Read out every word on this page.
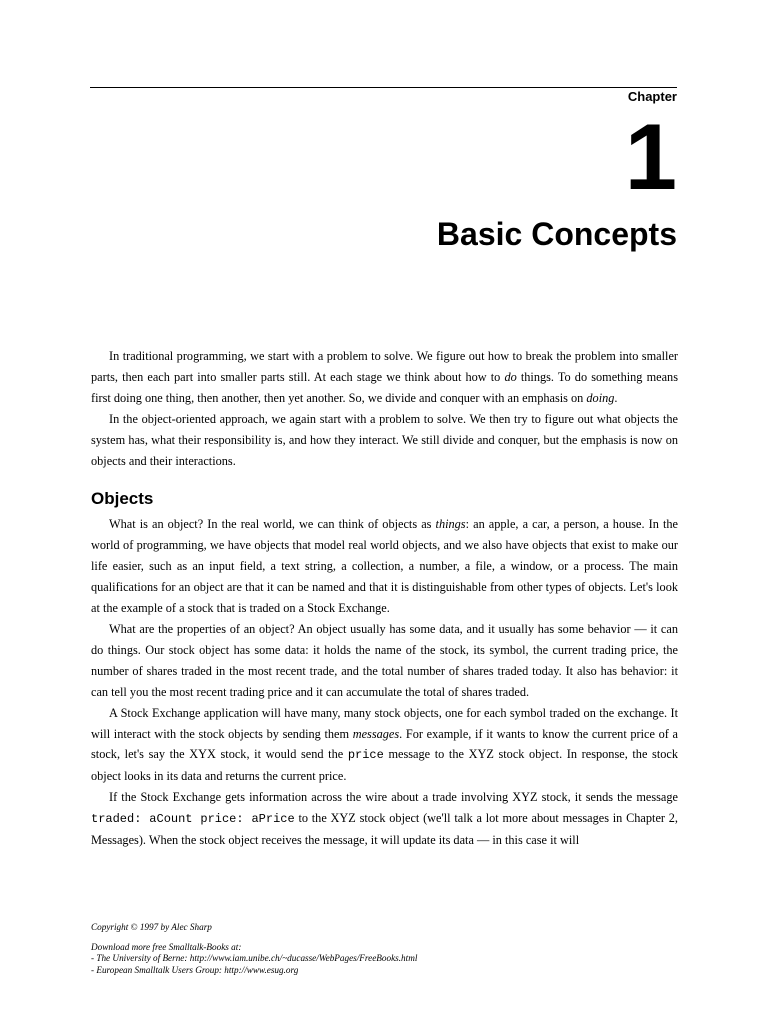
Chapter
1
Basic Concepts

In traditional programming, we start with a problem to solve. We figure out how to break the problem into smaller parts, then each part into smaller parts still. At each stage we think about how to do things. To do something means first doing one thing, then another, then yet another. So, we divide and conquer with an emphasis on doing.

In the object-oriented approach, we again start with a problem to solve. We then try to figure out what objects the system has, what their responsibility is, and how they interact. We still divide and conquer, but the emphasis is now on objects and their interactions.

Objects

What is an object? In the real world, we can think of objects as things: an apple, a car, a person, a house. In the world of programming, we have objects that model real world objects, and we also have objects that exist to make our life easier, such as an input field, a text string, a collection, a number, a file, a window, or a process. The main qualifications for an object are that it can be named and that it is distinguishable from other types of objects. Let's look at the example of a stock that is traded on a Stock Exchange.

What are the properties of an object? An object usually has some data, and it usually has some behavior — it can do things. Our stock object has some data: it holds the name of the stock, its symbol, the current trading price, the number of shares traded in the most recent trade, and the total number of shares traded today. It also has behavior: it can tell you the most recent trading price and it can accumulate the total of shares traded.

A Stock Exchange application will have many, many stock objects, one for each symbol traded on the exchange. It will interact with the stock objects by sending them messages. For example, if it wants to know the current price of a stock, let's say the XYX stock, it would send the price message to the XYZ stock object. In response, the stock object looks in its data and returns the current price.

If the Stock Exchange gets information across the wire about a trade involving XYZ stock, it sends the message traded: aCount price: aPrice to the XYZ stock object (we'll talk a lot more about messages in Chapter 2, Messages). When the stock object receives the message, it will update its data — in this case it will

Copyright © 1997 by Alec Sharp
Download more free Smalltalk-Books at:
- The University of Berne: http://www.iam.unibe.ch/~ducasse/WebPages/FreeBooks.html
- European Smalltalk Users Group: http://www.esug.org
